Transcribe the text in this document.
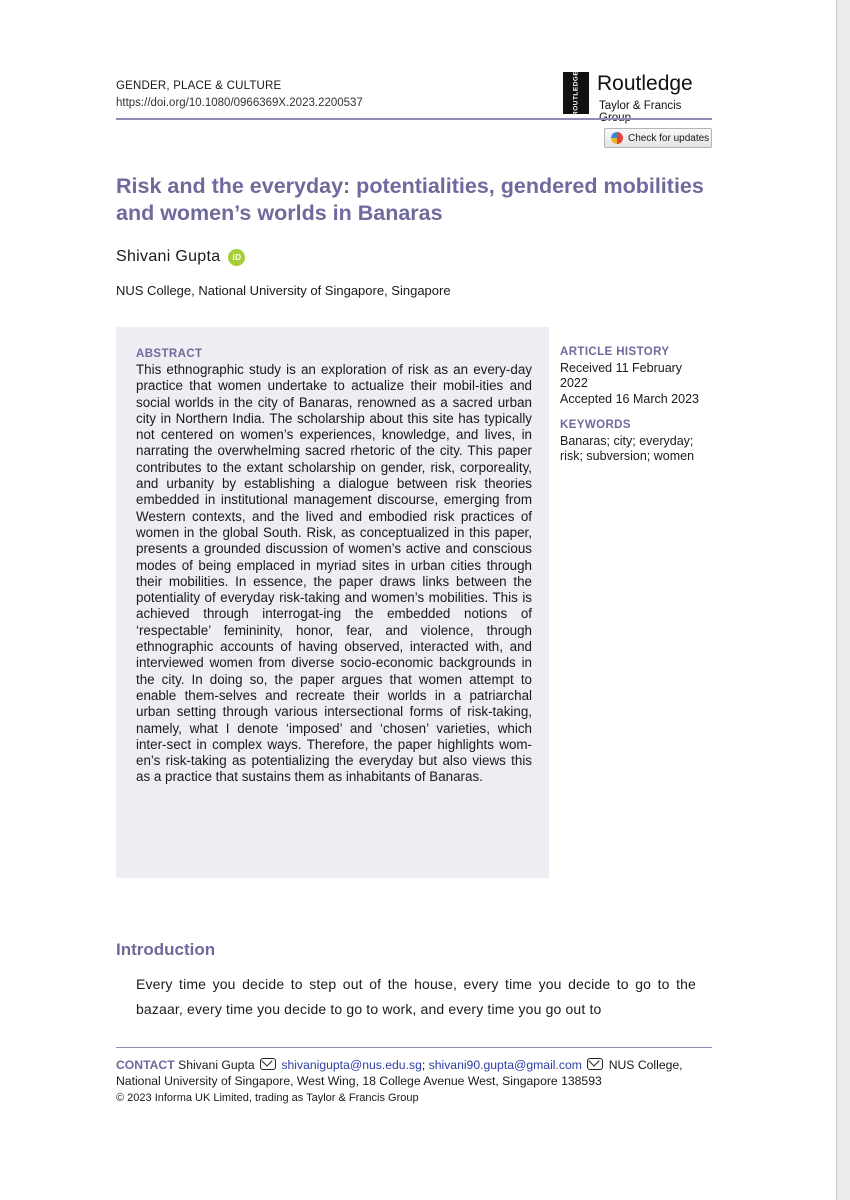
GENDER, PLACE & CULTURE
https://doi.org/10.1080/0966369X.2023.2200537	ROUTLEDGE Routledge
Taylor & Francis
Check for updates
Risk and the everyday: potentialities, gendered mobilities and women’s worlds in Banaras
Shivani Gupta	iD
NUS College, National University of Singapore, Singapore
ABSTRACT
This ethnographic study is an exploration of risk as an every-day practice that women undertake to actualize their mobil-ities and social worlds in the city of Banaras, renowned as a sacred urban city in Northern India. The scholarship about this site has typically not centered on women’s experiences, knowledge, and lives, in narrating the overwhelming sacred rhetoric of the city. This paper contributes to the extant scholarship on gender, risk, corporeality, and urbanity by establishing a dialogue between risk theories embedded in institutional management discourse, emerging from Western contexts, and the lived and embodied risk practices of women in the global South. Risk, as conceptualized in this paper, presents a grounded discussion of women’s active and conscious modes of being emplaced in myriad sites in urban cities through their mobilities. In essence, the paper draws links between the potentiality of everyday risk-taking and women’s mobilities. This is achieved through interrogat-ing the embedded notions of ‘respectable’ femininity, honor, fear, and violence, through ethnographic accounts of having observed, interacted with, and interviewed women from diverse socio-economic backgrounds in the city. In doing so, the paper argues that women attempt to enable them-selves and recreate their worlds in a patriarchal urban setting through various intersectional forms of risk-taking, namely, what I denote ‘imposed’ and ‘chosen’ varieties, which inter-sect in complex ways. Therefore, the paper highlights wom-en’s risk-taking as potentializing the everyday but also views this as a practice that sustains them as inhabitants of Banaras.
ARTICLE HISTORY
Received 11 February 2022
Accepted 16 March 2023
KEYWORDS
Banaras; city; everyday; risk; subversion; women
Introduction
Every time you decide to step out of the house, every time you decide to go to the bazaar, every time you decide to go to work, and every time you go out to
CONTACT Shivani Gupta shivanigupta@nus.edu.sg; shivani90.gupta@gmail.com NUS College, National University of Singapore, West Wing, 18 College Avenue West, Singapore 138593
© 2023 Informa UK Limited, trading as Taylor & Francis Group
